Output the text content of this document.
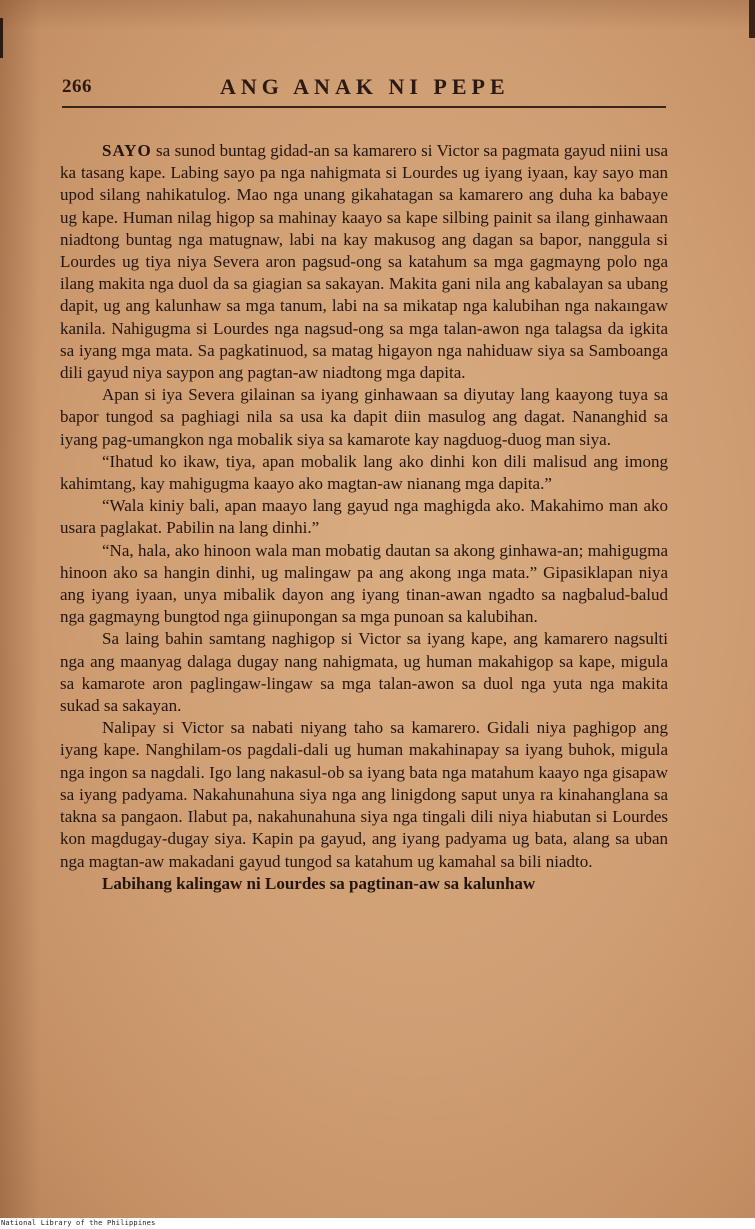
266	ANG ANAK NI PEPE

SAYO sa sunod buntag gidad-an sa kamarero si Victor sa pagmata gayud niini usa ka tasang kape. Labing sayo pa nga nahigmata si Lourdes ug iyang iyaan, kay sayo man upod silang nahikatulog. Mao nga unang gikahatagan sa kamarero ang duha ka babaye ug kape. Human nilag higop sa mahinay kaayo sa kape silbing painit sa ilang ginhawaan niadtong buntag nga matugnaw, labi na kay makusog ang dagan sa bapor, nanggula si Lourdes ug tiya niya Severa aron pagsud-ong sa katahum sa mga gagmayng polo nga ilang makita nga duol da sa giagian sa sakayan. Makita gani nila ang kabalayan sa ubang dapit, ug ang kalunhaw sa mga tanum, labi na sa mikatap nga kalubihan nga nakaıngaw kanila. Nahigugma si Lourdes nga nagsud-ong sa mga talan-awon nga talagsa da igkita sa iyang mga mata. Sa pagkatinuod, sa matag higayon nga nahiduaw siya sa Samboanga dili gayud niya saypon ang pagtan-aw niadtong mga dapita.

Apan si iya Severa gilainan sa iyang ginhawaan sa diyutay lang kaayong tuya sa bapor tungod sa paghiagi nila sa usa ka dapit diin masulog ang dagat. Nananghid sa iyang pag-umangkon nga mobalik siya sa kamarote kay nagduog-duog man siya.

“Ihatud ko ikaw, tiya, apan mobalik lang ako dinhi kon dili malisud ang imong kahimtang, kay mahigugma kaayo ako magtan-aw nianang mga dapita.”

“Wala kiniy bali, apan maayo lang gayud nga maghigda ako. Makahimo man ako usara paglakat. Pabilin na lang dinhi.”

“Na, hala, ako hinoon wala man mobatig dautan sa akong ginhawa-an; mahigugma hinoon ako sa hangin dinhi, ug malingaw pa ang akong ınga mata.” Gipasiklapan niya ang iyang iyaan, unya mibalik dayon ang iyang tinan-awan ngadto sa nagbalud-balud nga gagmayng bungtod nga giinupongan sa mga punoan sa kalubihan.

Sa laing bahin samtang naghigop si Victor sa iyang kape, ang kamarero nagsulti nga ang maanyag dalaga dugay nang nahigmata, ug human makahigop sa kape, migula sa kamarote aron paglingaw-lingaw sa mga talan-awon sa duol nga yuta nga makita sukad sa sakayan.

Nalipay si Victor sa nabati niyang taho sa kamarero. Gidali niya paghigop ang iyang kape. Nanghilam-os pagdali-dali ug human makahinapay sa iyang buhok, migula nga ingon sa nagdali. Igo lang nakasul-ob sa iyang bata nga matahum kaayo nga gisapaw sa iyang padyama. Nakahunahuna siya nga ang linigdong saput unya ra kinahanglana sa takna sa pangaon. Ilabut pa, nakahunahuna siya nga tingali dili niya hiabutan si Lourdes kon magdugay-dugay siya. Kapin pa gayud, ang iyang padyama ug bata, alang sa uban nga magtan-aw makadani gayud tungod sa katahum ug kamahal sa bili niadto.

Labihang kalingaw ni Lourdes sa pagtinan-aw sa kalunhaw

National Library of the Philippines
